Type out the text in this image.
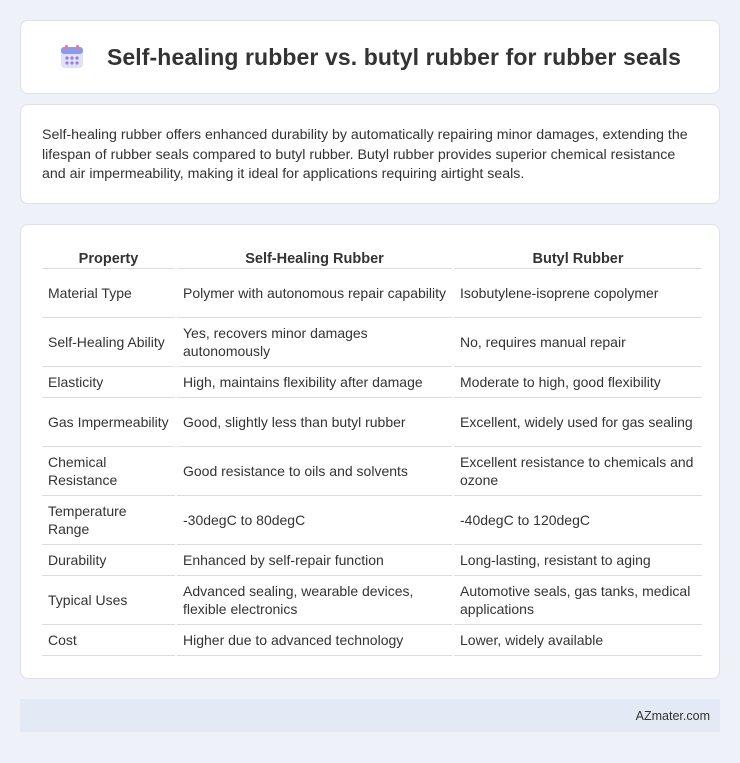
Self-healing rubber vs. butyl rubber for rubber seals

Self-healing rubber offers enhanced durability by automatically repairing minor damages, extending the lifespan of rubber seals compared to butyl rubber. Butyl rubber provides superior chemical resistance and air impermeability, making it ideal for applications requiring airtight seals.

Property	Self-Healing Rubber	Butyl Rubber
Material Type	Polymer with autonomous repair capability	Isobutylene-isoprene copolymer
Self-Healing Ability	Yes, recovers minor damages autonomously	No, requires manual repair
Elasticity	High, maintains flexibility after damage	Moderate to high, good flexibility
Gas Impermeability	Good, slightly less than butyl rubber	Excellent, widely used for gas sealing
Chemical Resistance	Good resistance to oils and solvents	Excellent resistance to chemicals and ozone
Temperature Range	-30degC to 80degC	-40degC to 120degC
Durability	Enhanced by self-repair function	Long-lasting, resistant to aging
Typical Uses	Advanced sealing, wearable devices, flexible electronics	Automotive seals, gas tanks, medical applications
Cost	Higher due to advanced technology	Lower, widely available
AZmater.com
